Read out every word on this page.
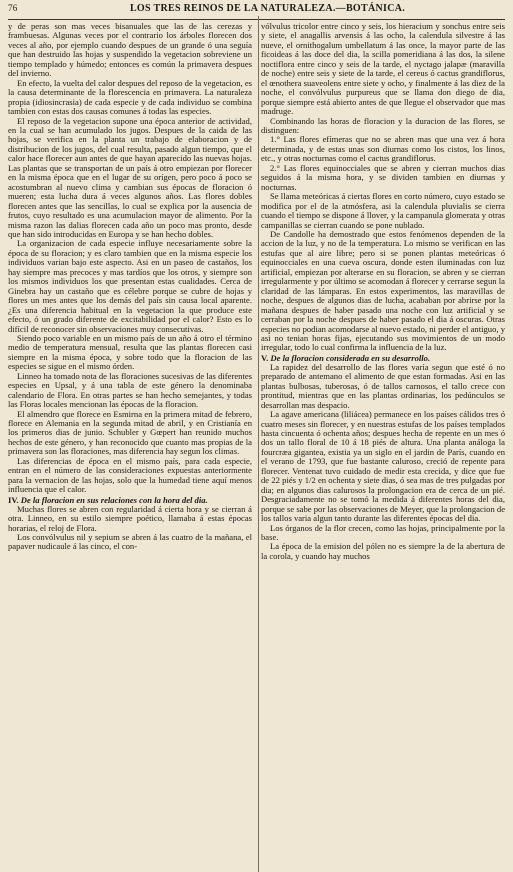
76	LOS TRES REINOS DE LA NATURALEZA.—BOTÁNICA.

y de peras son mas veces bisanuales que las de las cerezas y frambuesas. Algunas veces por el contrario los árboles florecen dos veces al año, por ejemplo cuando despues de un grande ó una seguía que han destruido las hojas y suspendido la vegetacion sobreviene un tiempo templado y húmedo; entonces es común la primavera despues del invierno.

En efecto, la vuelta del calor despues del reposo de la vegetacion, es la causa determinante de la florescencia en primavera. La naturaleza propia (idiosincrasia) de cada especie y de cada individuo se combina tambien con estas dos causas comunes á todas las especies.

El reposo de la vegetacion supone una época anterior de actividad, en la cual se han acumulado los jugos. Despues de la caida de las hojas, se verifica en la planta un trabajo de elaboracion y de distribucion de los jugos, del cual resulta, pasado algun tiempo, que el calor hace florecer aun antes de que hayan aparecido las nuevas hojas. Las plantas que se transportan de un país á otro empiezan por florecer en la misma época que en el lugar de su orígen, pero poco á poco se acostumbran al nuevo clima y cambian sus épocas de floracion ó mueren; esta lucha dura á veces algunos años. Las flores dobles florecen antes que las sencillas, lo cual se explica por la ausencia de frutos, cuyo resultado es una acumulacion mayor de alimento. Por la misma razon las dalias florecen cada año un poco mas pronto, desde que han sido introducidas en Europa y se han hecho dobles.

La organizacion de cada especie influye necesariamente sobre la época de su floracion; y es claro tambien que en la misma especie los individuos varian bajo este aspecto. Asi en un paseo de castaños, los hay siempre mas precoces y mas tardíos que los otros, y siempre son los mismos individuos los que presentan estas cualidades. Cerca de Ginebra hay un castaño que es célebre porque se cubre de hojas y flores un mes antes que los demás del país sin causa local aparente. ¿Es una diferencia habitual en la vegetacion la que produce este efecto, ó un grado diferente de excitabilidad por el calor? Esto es lo difícil de reconocer sin observaciones muy consecutivas.

Siendo poco variable en un mismo país de un año á otro el término medio de temperatura mensual, resulta que las plantas florecen casi siempre en la misma época, y sobre todo que la floracion de las especies se sigue en el mismo órden.

Linneo ha tomado nota de las floraciones sucesivas de las diferentes especies en Upsal, y á una tabla de este género la denominaba calendario de Flora. En otras partes se han hecho semejantes, y todas las Floras locales mencionan las épocas de la floracion.

El almendro que florece en Esmirna en la primera mitad de febrero, florece en Alemania en la segunda mitad de abril, y en Cristianía en los primeros dias de junio. Schubler y Gœpert han reunido muchos hechos de este género, y han reconocido que cuanto mas propias de la primavera son las floraciones, mas diferencia hay segun los climas.

Las diferencias de época en el mismo país, para cada especie, entran en el número de las consideraciones expuestas anteriormente para la vernacion de las hojas, solo que la humedad tiene aquí menos influencia que el calor.

IV. De la floracion en sus relaciones con la hora del dia.

Muchas flores se abren con regularidad á cierta hora y se cierran á otra. Linneo, en su estilo siempre poético, llamaba á estas épocas horarias, el reloj de Flora.

Los convólvulus nil y sepium se abren á las cuatro de la mañana, el papaver nudicaule á las cinco, el con-

vólvulus tricolor entre cinco y seis, los hieracium y sonchus entre seis y siete, el anagallis arvensis á las ocho, la calendula silvestre á las nueve, el ornithogalum umbellatum á las once, la mayor parte de las ficoideas á las doce del dia, la scilla pomeridiana á las dos, la silene noctiflora entre cinco y seis de la tarde, el nyctago jalapæ (maravilla de noche) entre seis y siete de la tarde, el cereus ó cactus grandiflorus, el œnothera suaveolens entre siete y ocho, y finalmente á las diez de la noche, el convólvulus purpureus que se llama don diego de dia, porque siempre está abierto antes de que llegue el observador que mas madruge.

Combinando las horas de floracion y la duracion de las flores, se distinguen:

1.° Las flores efímeras que no se abren mas que una vez á hora determinada, y de estas unas son diurnas como los cistos, los linos, etc., y otras nocturnas como el cactus grandiflorus.

2.° Las flores equinocciales que se abren y cierran muchos dias seguidos á la misma hora, y se dividen tambien en diurnas y nocturnas.

Se llama meteóricas á ciertas flores en corto número, cuyo estado se modifica por el de la atmósfera, asi la calendula pluvialis se cierra cuando el tiempo se dispone á llover, y la campanula glomerata y otras campanillas se cierran cuando se pone nublado.

De Candolle ha demostrado que estos fenómenos dependen de la accion de la luz, y no de la temperatura. Lo mismo se verifican en las estufas que al aire libre; pero si se ponen plantas meteóricas ó equinocciales en una cueva oscura, donde esten iluminadas con luz artificial, empiezan por alterarse en su floracion, se abren y se cierran irregularmente y por último se acomodan á florecer y cerrarse segun la claridad de las lámparas. En estos experimentos, las maravillas de noche, despues de algunos dias de lucha, acababan por abrirse por la mañana despues de haber pasado una noche con luz artificial y se cerraban por la noche despues de haber pasado el dia á oscuras. Otras especies no podian acomodarse al nuevo estado, ni perder el antiguo, y asi no tenian horas fijas, ejecutando sus movimientos de un modo irregular, todo lo cual confirma la influencia de la luz.

V. De la floracion considerada en su desarrollo.

La rapidez del desarrollo de las flores varía segun que esté ó no preparado de antemano el alimento de que estan formadas. Asi en las plantas bulbosas, tuberosas, ó de tallos carnosos, el tallo crece con prontitud, mientras que en las plantas ordinarias, los pedúnculos se desarrollan mas despacio.

La agave americana (liliácea) permanece en los países cálidos tres ó cuatro meses sin florecer, y en nuestras estufas de los países templados hasta cincuenta ó ochenta años; despues hecha de repente en un mes ó dos un tallo floral de 10 á 18 piés de altura. Una planta análoga la fourcræa gigantea, existia ya un siglo en el jardin de París, cuando en el verano de 1793, que fue bastante caluroso, creció de repente para florecer. Ventenat tuvo cuidado de medir esta crecida, y dice que fue de 22 piés y 1/2 en ochenta y siete dias, ó sea mas de tres pulgadas por dia; en algunos dias calurosos la prolongacion era de cerca de un pié. Desgraciadamente no se tomó la medida á diferentes horas del dia, porque se sabe por las observaciones de Meyer, que la prolongacion de los tallos varia algun tanto durante las diferentes épocas del dia.

Los órganos de la flor crecen, como las hojas, principalmente por la base.

La época de la emision del pólen no es siempre la de la abertura de la corola, y cuando hay muchos
